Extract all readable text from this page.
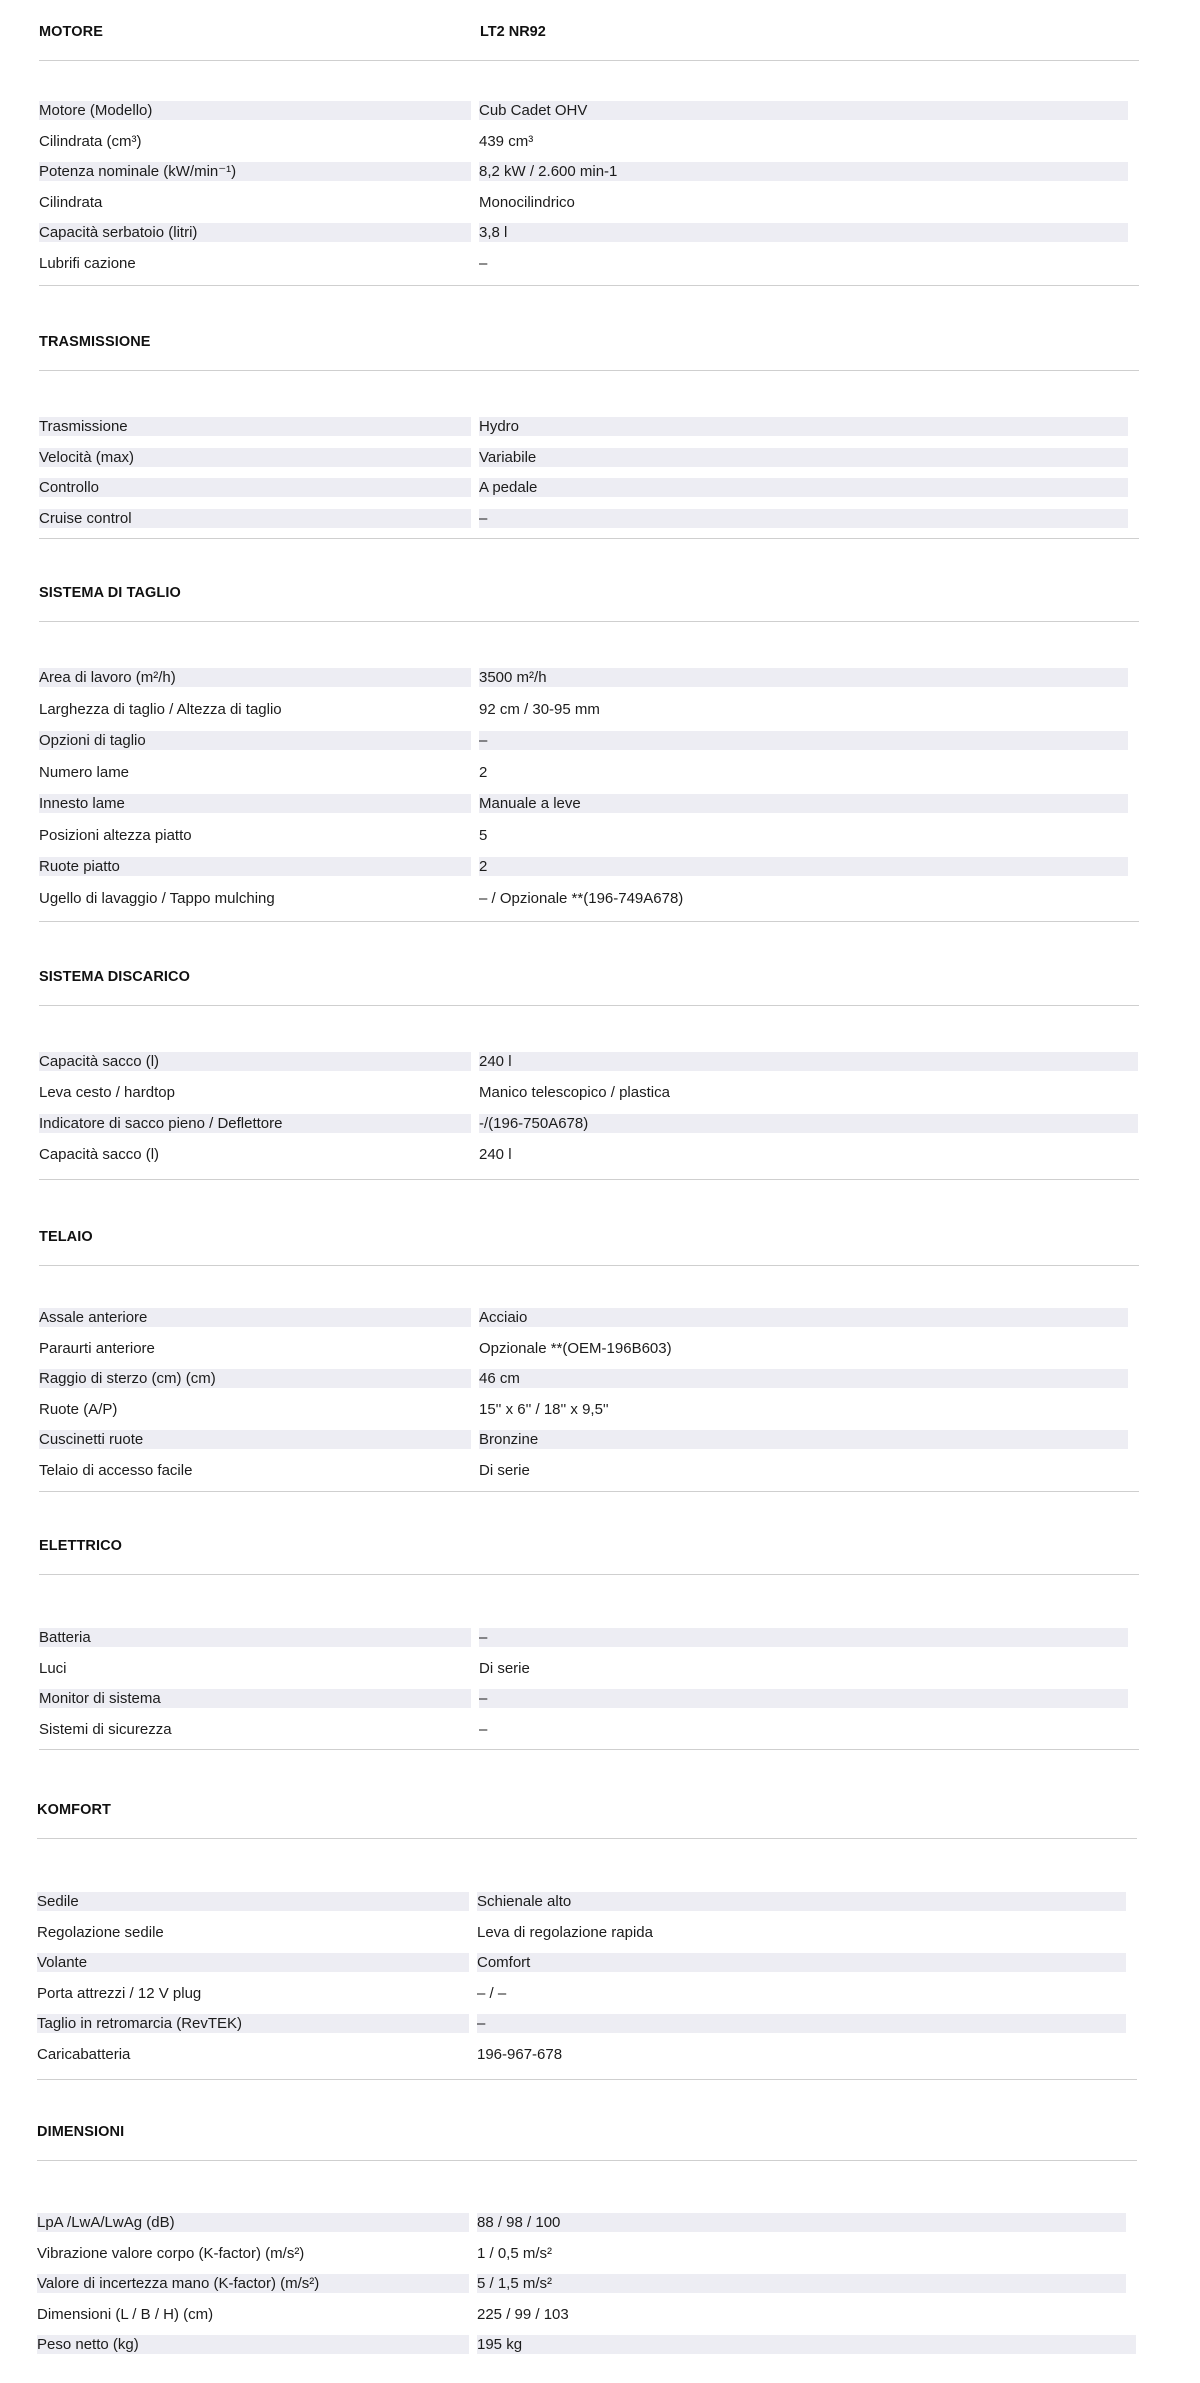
MOTORE	LT2 NR92
Motore (Modello)	Cub Cadet OHV
Cilindrata (cm³)	439 cm³
Potenza nominale (kW/min⁻¹)	8,2 kW / 2.600 min-1
Cilindrata	Monocilindrico
Capacità serbatoio (litri)	3,8 l
Lubrifi cazione	–
TRASMISSIONE
Trasmissione	Hydro
Velocità (max)	Variabile
Controllo	A pedale
Cruise control	–
SISTEMA DI TAGLIO
Area di lavoro (m²/h)	3500 m²/h
Larghezza di taglio / Altezza di taglio	92 cm / 30-95 mm
Opzioni di taglio	–
Numero lame	2
Innesto lame	Manuale a leve
Posizioni altezza piatto	5
Ruote piatto	2
Ugello di lavaggio / Tappo mulching	– / Opzionale **(196-749A678)
SISTEMA DISCARICO
Capacità sacco (l)	240 l
Leva cesto / hardtop	Manico telescopico / plastica
Indicatore di sacco pieno / Deflettore	-/(196-750A678)
Capacità sacco (l)	240 l
TELAIO
Assale anteriore	Acciaio
Paraurti anteriore	Opzionale **(OEM-196B603)
Raggio di sterzo (cm) (cm)	46 cm
Ruote (A/P)	15'' x 6'' / 18'' x 9,5''
Cuscinetti ruote	Bronzine
Telaio di accesso facile	Di serie
ELETTRICO
Batteria	–
Luci	Di serie
Monitor di sistema	–
Sistemi di sicurezza	–
KOMFORT
Sedile	Schienale alto
Regolazione sedile	Leva di regolazione rapida
Volante	Comfort
Porta attrezzi / 12 V plug	– / –
Taglio in retromarcia (RevTEK)	–
Caricabatteria	196-967-678
DIMENSIONI
LpA /LwA/LwAg (dB)	88 / 98 / 100
Vibrazione valore corpo (K-factor) (m/s²)	1 / 0,5 m/s²
Valore di incertezza mano (K-factor) (m/s²)	5 / 1,5 m/s²
Dimensioni (L / B / H) (cm)	225 / 99 / 103
Peso netto (kg)	195 kg
